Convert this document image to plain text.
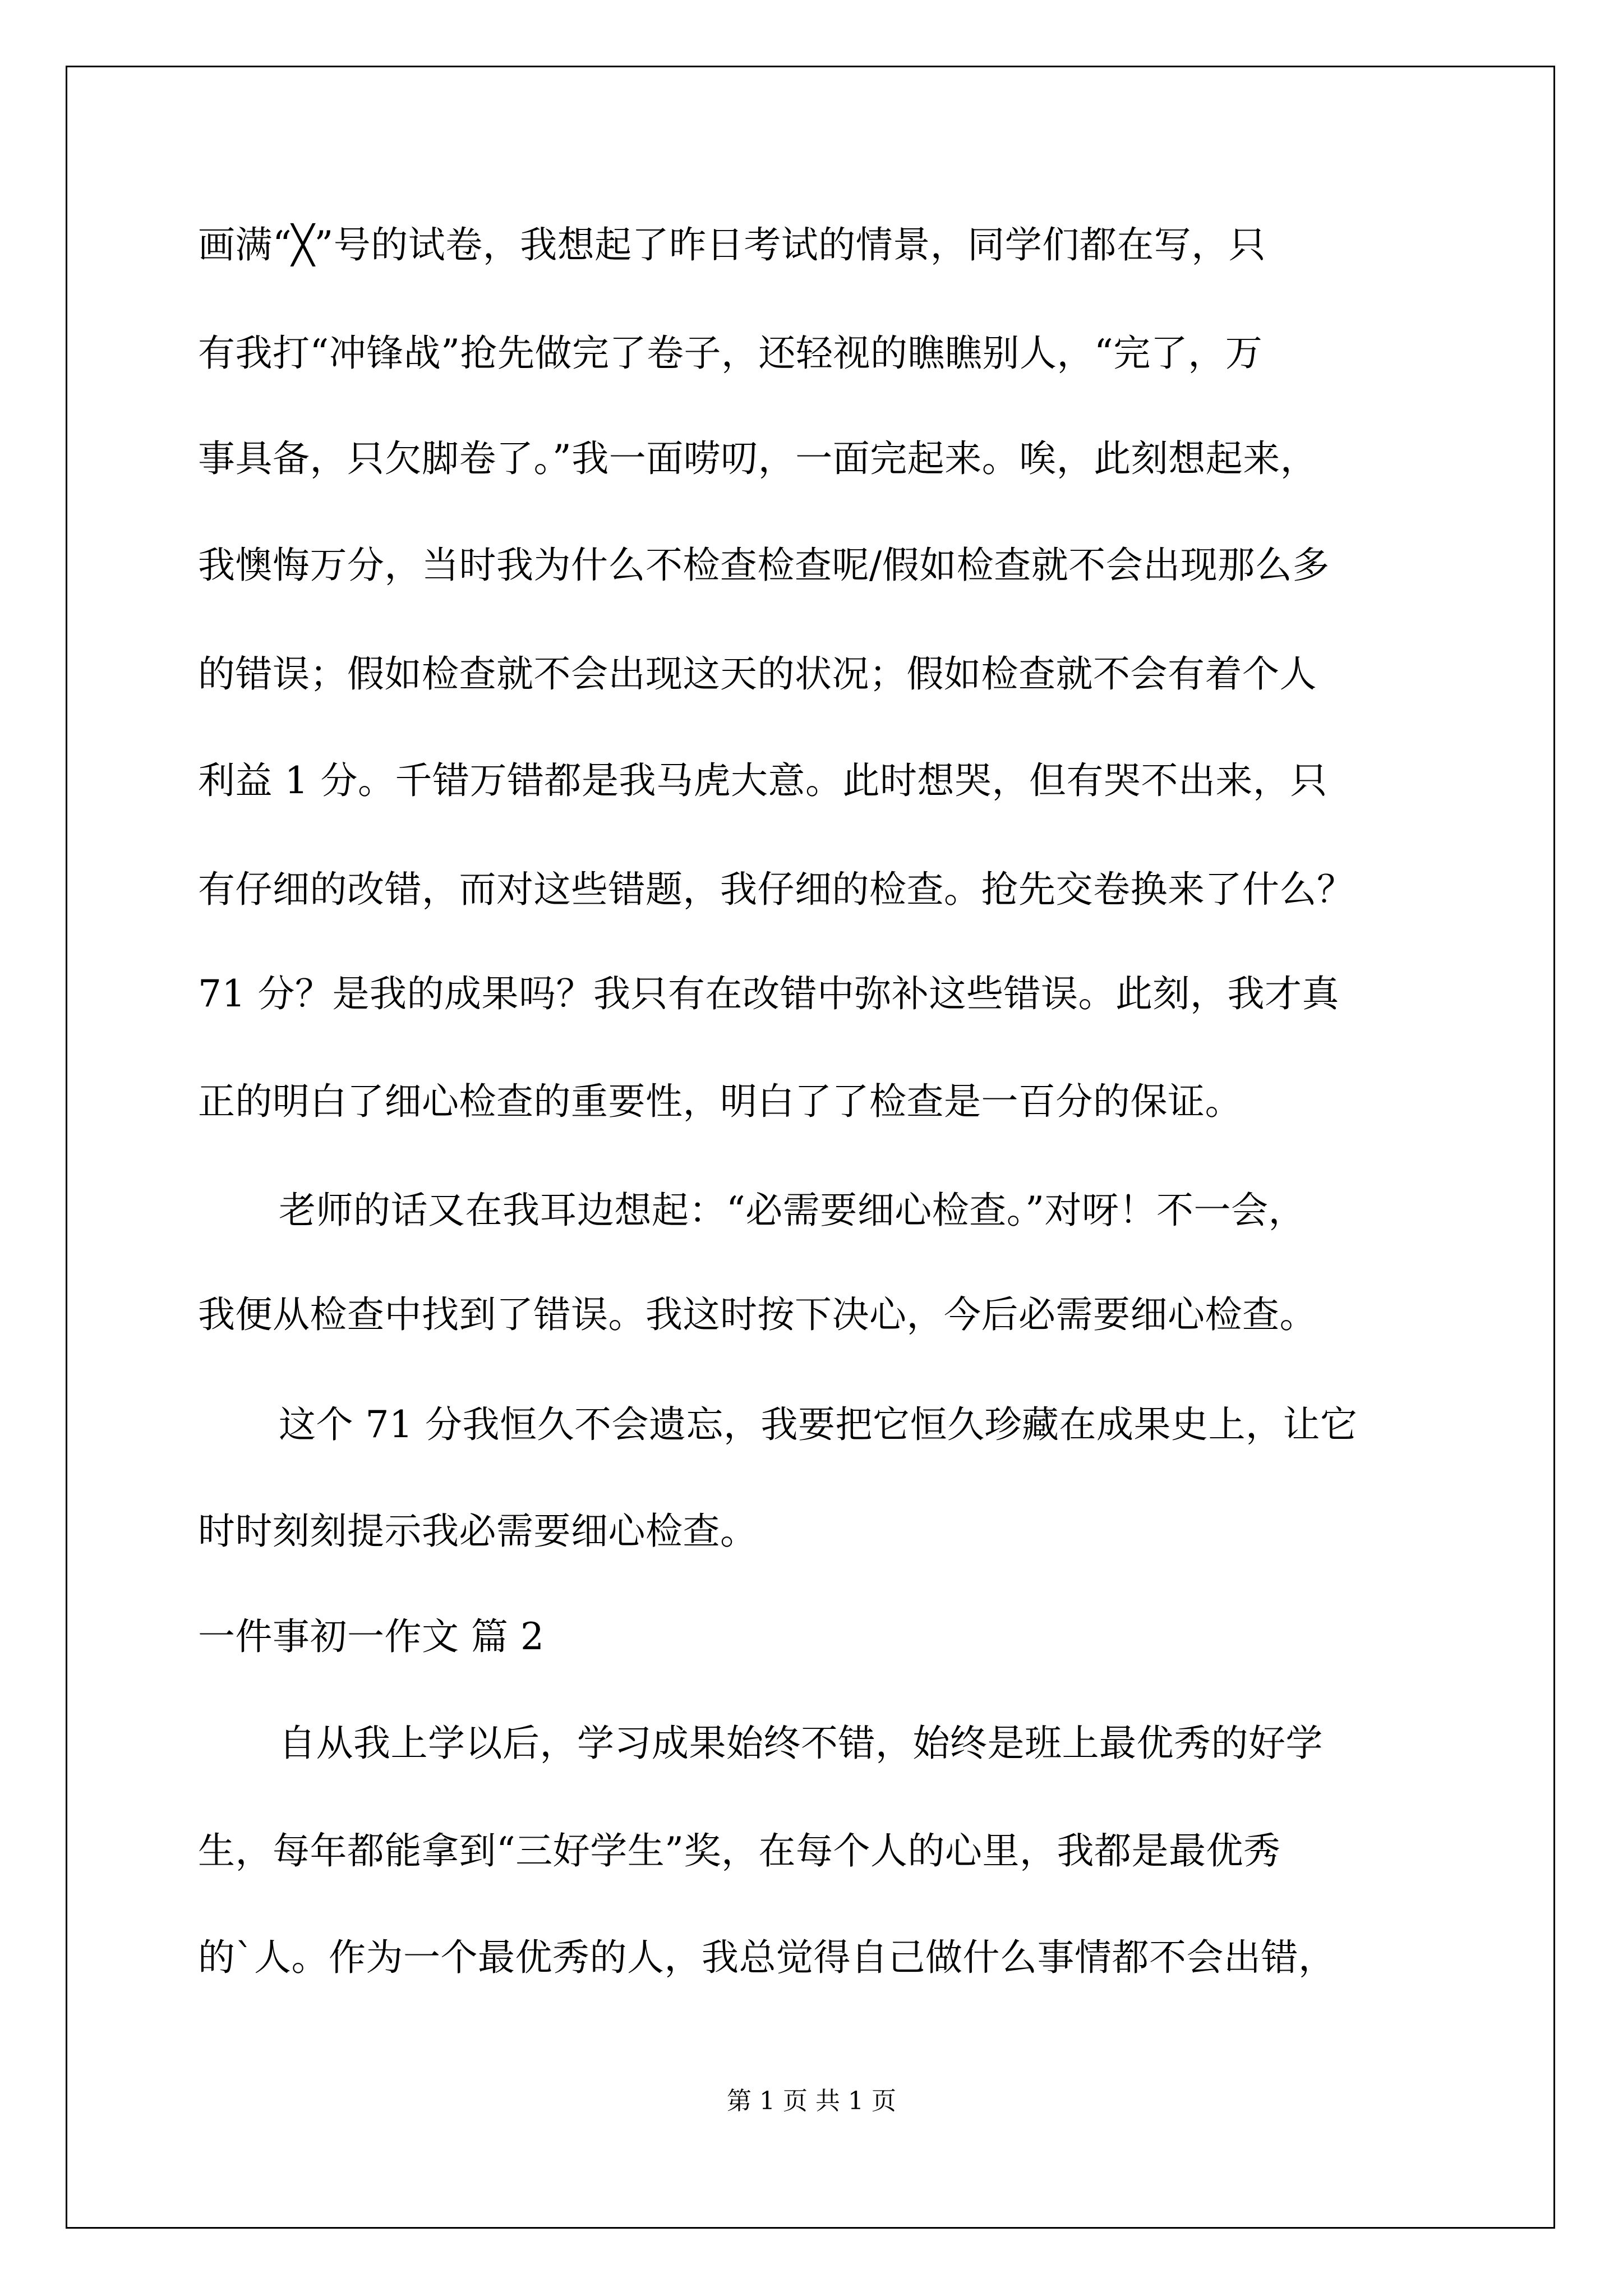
画满“╳”号的试卷，我想起了昨日考试的情景，同学们都在写，只
有我打“冲锋战”抢先做完了卷子，还轻视的瞧瞧别人，“完了，万
事具备，只欠脚卷了。”我一面唠叨，一面完起来。唉，此刻想起来，
我懊悔万分，当时我为什么不检查检查呢/假如检查就不会出现那么多
的错误；假如检查就不会出现这天的状况；假如检查就不会有着个人
利益 1 分。千错万错都是我马虎大意。此时想哭，但有哭不出来，只
有仔细的改错，而对这些错题，我仔细的检查。抢先交卷换来了什么？
71 分？是我的成果吗？我只有在改错中弥补这些错误。此刻，我才真
正的明白了细心检查的重要性，明白了了检查是一百分的保证。
老师的话又在我耳边想起：“必需要细心检查。”对呀！不一会，
我便从检查中找到了错误。我这时按下决心，今后必需要细心检查。
这个 71 分我恒久不会遗忘，我要把它恒久珍藏在成果史上，让它
时时刻刻提示我必需要细心检查。
一件事初一作文 篇 2
自从我上学以后，学习成果始终不错，始终是班上最优秀的好学
生，每年都能拿到“三好学生”奖，在每个人的心里，我都是最优秀
的`人。作为一个最优秀的人，我总觉得自己做什么事情都不会出错，
第 1 页 共 1 页
